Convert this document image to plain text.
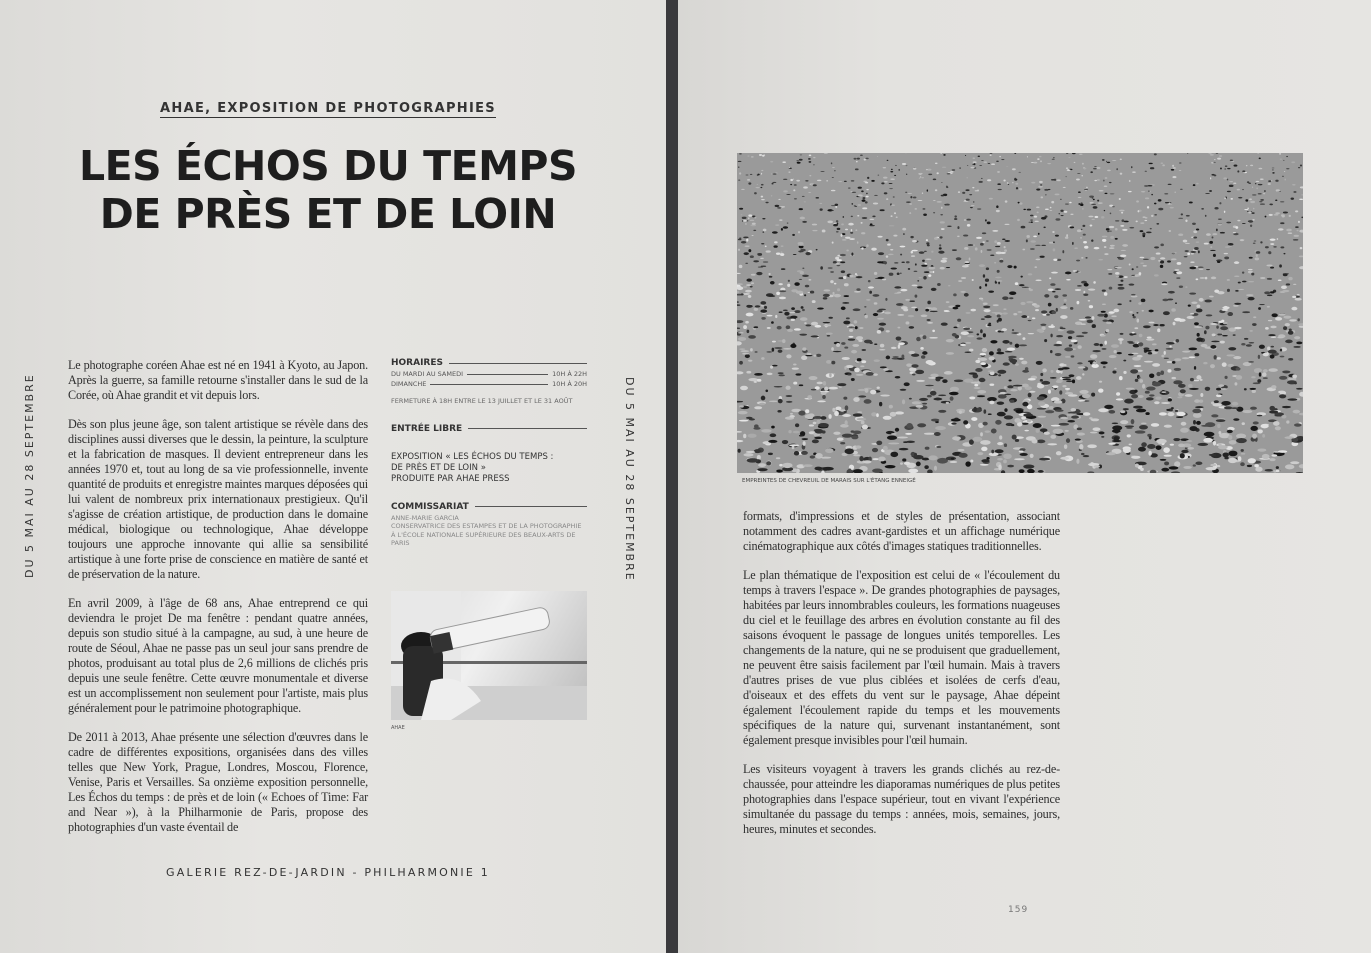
AHAE, EXPOSITION DE PHOTOGRAPHIES
LES ÉCHOS DU TEMPS
DE PRÈS ET DE LOIN
DU 5 MAI AU 28 SEPTEMBRE	DU 5 MAI AU 28 SEPTEMBRE

Le photographe coréen Ahae est né en 1941 à Kyoto, au Japon. Après la guerre, sa famille retourne s'installer dans le sud de la Corée, où Ahae grandit et vit depuis lors.

Dès son plus jeune âge, son talent artistique se révèle dans des disciplines aussi diverses que le dessin, la peinture, la sculpture et la fabrication de masques. Il devient entrepreneur dans les années 1970 et, tout au long de sa vie professionnelle, invente quantité de produits et enregistre maintes marques déposées qui lui valent de nombreux prix internationaux prestigieux. Qu'il s'agisse de création artistique, de production dans le domaine médical, biologique ou technologique, Ahae développe toujours une approche innovante qui allie sa sensibilité artistique à une forte prise de conscience en matière de santé et de préservation de la nature.

En avril 2009, à l'âge de 68 ans, Ahae entreprend ce qui deviendra le projet De ma fenêtre : pendant quatre années, depuis son studio situé à la campagne, au sud, à une heure de route de Séoul, Ahae ne passe pas un seul jour sans prendre de photos, produisant au total plus de 2,6 millions de clichés pris depuis une seule fenêtre. Cette œuvre monumentale et diverse est un accomplissement non seulement pour l'artiste, mais plus généralement pour le patrimoine photographique.

De 2011 à 2013, Ahae présente une sélection d'œuvres dans le cadre de différentes expositions, organisées dans des villes telles que New York, Prague, Londres, Moscou, Florence, Venise, Paris et Versailles. Sa onzième exposition personnelle, Les Échos du temps : de près et de loin (« Echoes of Time: Far and Near »), à la Philharmonie de Paris, propose des photographies d'un vaste éventail de

HORAIRES
DU MARDI AU SAMEDI	10H À 22H
DIMANCHE	10H À 20H
FERMETURE À 18H ENTRE LE 13 JUILLET ET LE 31 AOÛT
ENTRÉE LIBRE
EXPOSITION « LES ÉCHOS DU TEMPS :
DE PRÈS ET DE LOIN »
PRODUITE PAR AHAE PRESS
COMMISSARIAT
ANNE-MARIE GARCIA
CONSERVATRICE DES ESTAMPES ET DE LA PHOTOGRAPHIE À L'ÉCOLE NATIONALE SUPÉRIEURE DES BEAUX-ARTS DE PARIS
AHAE
GALERIE REZ-DE-JARDIN - PHILHARMONIE 1
EMPREINTES DE CHEVREUIL DE MARAIS SUR L'ÉTANG ENNEIGÉ

formats, d'impressions et de styles de présentation, associant notamment des cadres avant-gardistes et un affichage numérique cinématographique aux côtés d'images statiques traditionnelles.

Le plan thématique de l'exposition est celui de « l'écoulement du temps à travers l'espace ». De grandes photographies de paysages, habitées par leurs innombrables couleurs, les formations nuageuses du ciel et le feuillage des arbres en évolution constante au fil des saisons évoquent le passage de longues unités temporelles. Les changements de la nature, qui ne se produisent que graduellement, ne peuvent être saisis facilement par l'œil humain. Mais à travers d'autres prises de vue plus ciblées et isolées de cerfs d'eau, d'oiseaux et des effets du vent sur le paysage, Ahae dépeint également l'écoulement rapide du temps et les mouvements spécifiques de la nature qui, survenant instantanément, sont également presque invisibles pour l'œil humain.

Les visiteurs voyagent à travers les grands clichés au rez-de-chaussée, pour atteindre les diaporamas numériques de plus petites photographies dans l'espace supérieur, tout en vivant l'expérience simultanée du passage du temps : années, mois, semaines, jours, heures, minutes et secondes.

159
